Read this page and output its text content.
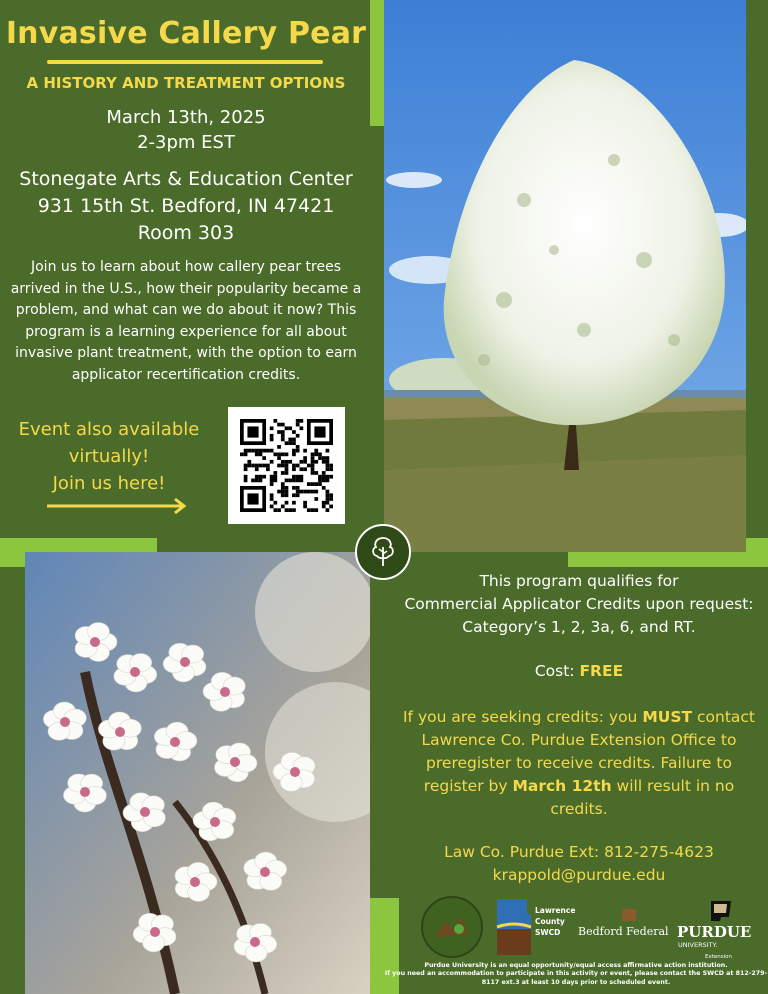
Invasive Callery Pear
A HISTORY AND TREATMENT OPTIONS
March 13th, 2025
2-3pm EST
Stonegate Arts & Education Center
931 15th St. Bedford, IN 47421
Room 303
Join us to learn about how callery pear trees arrived in the U.S., how their popularity became a problem, and what can we do about it now? This program is a learning experience for all about invasive plant treatment, with the option to earn applicator recertification credits.
Event also available
virtually!
Join us here!
This program qualifies for
Commercial Applicator Credits upon request:
Category’s 1, 2, 3a, 6, and RT.
Cost: FREE
If you are seeking credits: you MUST contact Lawrence Co. Purdue Extension Office to preregister to receive credits. Failure to register by March 12th will result in no credits.
Law Co. Purdue Ext: 812-275-4623
krappold@purdue.edu
Lawrence
County
SWCD Bedford Federal PURDUE
UNIVERSITY.
Extension
Purdue University is an equal opportunity/equal access affirmative action institution.
If you need an accommodation to participate in this activity or event, please contact the SWCD at 812-279-8117 ext.3 at least 10 days prior to scheduled event.
